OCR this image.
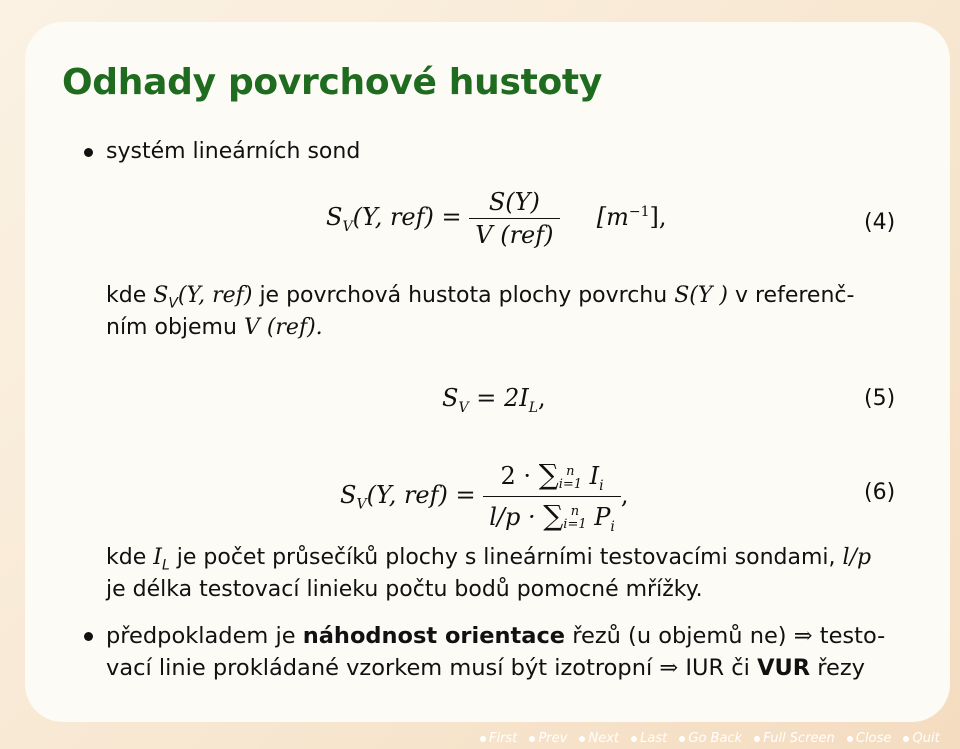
Odhady povrchové hustoty
systém lineárních sond
$S_V(Y$, $ref) = \frac{S(Y)}{\text{V (ref)}} [m^{-1}]$,	(4)
kde $S_V(Y$, ref) je povrchová hustota plochy povrchu S(Y ) v referenč-
ním objemu V (ref).
$S_V = 2I_L$,	(5)
$S_V(Y$, ref) = 2 · ∑ n
i=1 $I_i$
l/p · ∑ n
i=1 $P_i$ ,	(6)
kde $I_L$ je počet průsečíků plochy s lineárními testovacími sondami, l/p
je délka testovací linieku počtu bodů pomocné mřížky.
předpokladem je náhodnost orientace řezů (u objemů ne) ⇒ testo-
vací linie prokládané vzorkem musí být izotropní ⇒ IUR či VUR řezy
First Prev Next Last Go Back Full Screen Close Quit
